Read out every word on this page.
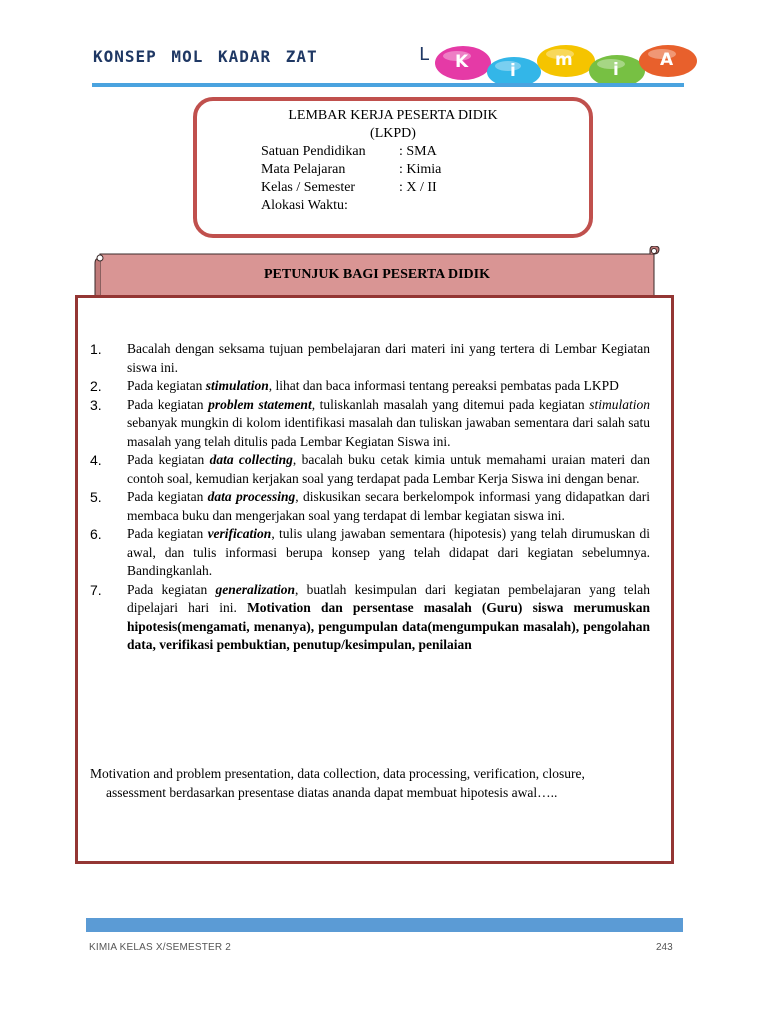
KONSEP MOL KADAR ZAT	L K i
m i A
LEMBAR KERJA PESERTA DIDIK
(LKPD)
Satuan Pendidikan : SMA
Mata Pelajaran	: Kimia
Kelas / Semester	: X / II
Alokasi Waktu:
PETUNJUK BAGI PESERTA DIDIK
1. Bacalah dengan seksama tujuan pembelajaran dari materi ini yang tertera di Lembar Kegiatan siswa ini.
2. Pada kegiatan stimulation, lihat dan baca informasi tentang pereaksi pembatas pada LKPD
3. Pada kegiatan problem statement, tuliskanlah masalah yang ditemui pada kegiatan stimulation sebanyak mungkin di kolom identifikasi masalah dan tuliskan jawaban sementara dari salah satu masalah yang telah ditulis pada Lembar Kegiatan Siswa ini.
4. Pada kegiatan data collecting, bacalah buku cetak kimia untuk memahami uraian materi dan contoh soal, kemudian kerjakan soal yang terdapat pada Lembar Kerja Siswa ini dengan benar.
5. Pada kegiatan data processing, diskusikan secara berkelompok informasi yang didapatkan dari membaca buku dan mengerjakan soal yang terdapat di lembar kegiatan siswa ini.
6. Pada kegiatan verification, tulis ulang jawaban sementara (hipotesis) yang telah dirumuskan di awal, dan tulis informasi berupa konsep yang telah didapat dari kegiatan sebelumnya. Bandingkanlah.
7. Pada kegiatan generalization, buatlah kesimpulan dari kegiatan pembelajaran yang telah dipelajari hari ini. Motivation dan persentase masalah (Guru) siswa merumuskan hipotesis(mengamati, menanya), pengumpulan data(mengumpukan masalah), pengolahan data, verifikasi pembuktian, penutup/kesimpulan, penilaian
Motivation and problem presentation, data collection, data processing, verification, closure,
assessment berdasarkan presentase diatas ananda dapat membuat hipotesis awal…..
KIMIA KELAS X/SEMESTER 2	243
